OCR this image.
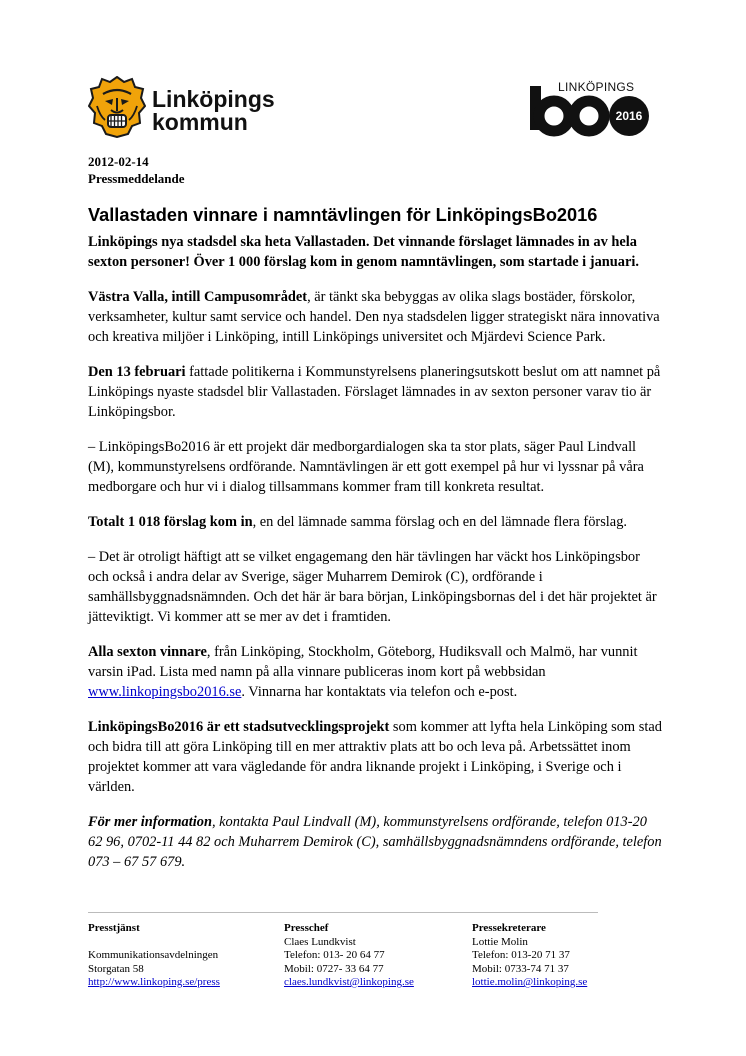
Linköpings
kommun
LINKÖPINGS
2016
2012-02-14
Pressmeddelande
Vallastaden vinnare i namntävlingen för LinköpingsBo2016

Linköpings nya stadsdel ska heta Vallastaden. Det vinnande förslaget lämnades in av hela sexton personer! Över 1 000 förslag kom in genom namntävlingen, som startade i januari.

Västra Valla, intill Campusområdet, är tänkt ska bebyggas av olika slags bostäder, förskolor, verksamheter, kultur samt service och handel. Den nya stadsdelen ligger strategiskt nära innovativa och kreativa miljöer i Linköping, intill Linköpings universitet och Mjärdevi Science Park.

Den 13 februari fattade politikerna i Kommunstyrelsens planeringsutskott beslut om att namnet på Linköpings nyaste stadsdel blir Vallastaden. Förslaget lämnades in av sexton personer varav tio är Linköpingsbor.

– LinköpingsBo2016 är ett projekt där medborgardialogen ska ta stor plats, säger Paul Lindvall (M), kommunstyrelsens ordförande. Namntävlingen är ett gott exempel på hur vi lyssnar på våra medborgare och hur vi i dialog tillsammans kommer fram till konkreta resultat.

Totalt 1 018 förslag kom in, en del lämnade samma förslag och en del lämnade flera förslag.

– Det är otroligt häftigt att se vilket engagemang den här tävlingen har väckt hos Linköpingsbor och också i andra delar av Sverige, säger Muharrem Demirok (C), ordförande i samhällsbyggnadsnämnden. Och det här är bara början, Linköpingsbornas del i det här projektet är jätteviktigt. Vi kommer att se mer av det i framtiden.

Alla sexton vinnare, från Linköping, Stockholm, Göteborg, Hudiksvall och Malmö, har vunnit varsin iPad. Lista med namn på alla vinnare publiceras inom kort på webbsidan www.linkopingsbo2016.se. Vinnarna har kontaktats via telefon och e-post.

LinköpingsBo2016 är ett stadsutvecklingsprojekt som kommer att lyfta hela Linköping som stad och bidra till att göra Linköping till en mer attraktiv plats att bo och leva på. Arbetssättet inom projektet kommer att vara vägledande för andra liknande projekt i Linköping, i Sverige och i världen.

För mer information, kontakta Paul Lindvall (M), kommunstyrelsens ordförande, telefon 013-20 62 96, 0702-11 44 82 och Muharrem Demirok (C), samhällsbyggnadsnämndens ordförande, telefon 073 – 67 57 679.

Presstjänst
Kommunikationsavdelningen
Storgatan 58
http://www.linkoping.se/press
Presschef
Claes Lundkvist
Telefon: 013- 20 64 77
Mobil: 0727- 33 64 77
claes.lundkvist@linkoping.se
Pressekreterare
Lottie Molin
Telefon: 013-20 71 37
Mobil: 0733-74 71 37
lottie.molin@linkoping.se
